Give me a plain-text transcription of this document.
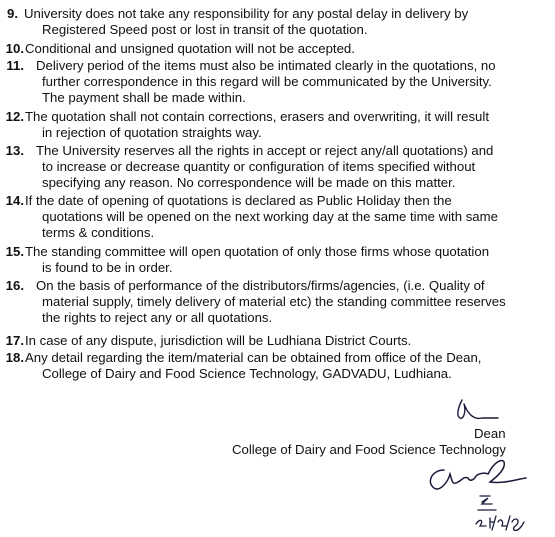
9. University does not take any responsibility for any postal delay in delivery by
Registered Speed post or lost in transit of the quotation.
10. Conditional and unsigned quotation will not be accepted.
11. Delivery period of the items must also be intimated clearly in the quotations, no
further correspondence in this regard will be communicated by the University.
The payment shall be made within.
12. The quotation shall not contain corrections, erasers and overwriting, it will result
in rejection of quotation straights way.
13. The University reserves all the rights in accept or reject any/all quotations) and
to increase or decrease quantity or configuration of items specified without
specifying any reason. No correspondence will be made on this matter.
14. If the date of opening of quotations is declared as Public Holiday then the
quotations will be opened on the next working day at the same time with same
terms & conditions.
15. The standing committee will open quotation of only those firms whose quotation
is found to be in order.
16. On the basis of performance of the distributors/firms/agencies, (i.e. Quality of
material supply, timely delivery of material etc) the standing committee reserves
the rights to reject any or all quotations.
17. In case of any dispute, jurisdiction will be Ludhiana District Courts.
18. Any detail regarding the item/material can be obtained from office of the Dean,
College of Dairy and Food Science Technology, GADVADU, Ludhiana.
Dean
College of Dairy and Food Science Technology
